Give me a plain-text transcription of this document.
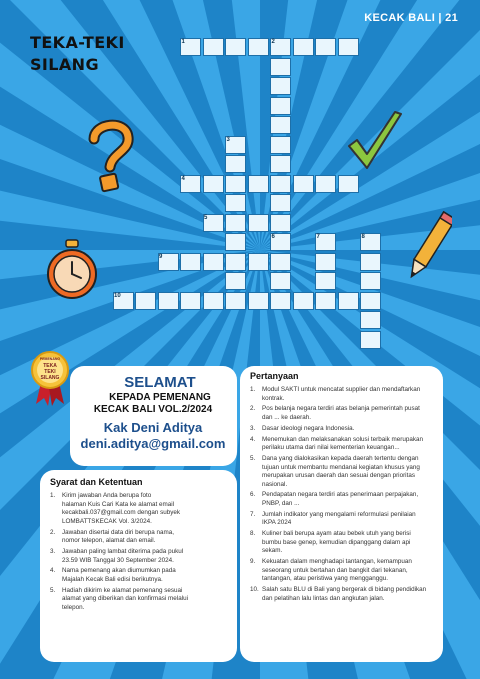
KECAK BALI | 21
TEKA-TEKI
SILANG
1	2
3
4
5
6	7	8
9
10
PEMENANG
TEKA TEKI SILANG	SELAMAT
KEPADA PEMENANG
KECAK BALI VOL.2/2024
Kak Deni Aditya
deni.aditya@gmail.com
Syarat dan Ketentuan
1. Kirim jawaban Anda berupa foto
halaman Kuis Cari Kata ke alamat email
kecakbali.037@gmail.com dengan subyek
LOMBATTSKECAK Vol. 3/2024.
2. Jawaban disertai data diri berupa nama,
nomor telepon, alamat dan email.
3. Jawaban paling lambat diterima pada pukul
23.59 WIB Tanggal 30 September 2024.
4. Nama pemenang akan diumumkan pada
Majalah Kecak Bali edisi berikutnya.
5. Hadiah dikirim ke alamat pemenang sesuai
alamat yang diberikan dan konfirmasi melalui
telepon.
Pertanyaan
1. Modul SAKTI untuk mencatat supplier dan mendaftarkan
kontrak.
2. Pos belanja negara terdiri atas belanja pemerintah pusat
dan ... ke daerah.
3. Dasar ideologi negara Indonesia.
4. Menemukan dan melaksanakan solusi terbaik merupakan
perilaku utama dari nilai kementerian keuangan...
5. Dana yang dialokasikan kepada daerah tertentu dengan
tujuan untuk membantu mendanai kegiatan khusus yang
merupakan urusan daerah dan sesuai dengan prioritas
nasional.
6. Pendapatan negara terdiri atas penerimaan perpajakan,
PNBP, dan ...
7. Jumlah indikator yang mengalami reformulasi penilaian
IKPA 2024
8. Kuliner bali berupa ayam atau bebek utuh yang berisi
bumbu base genep, kemudian dipanggang dalam api
sekam.
9. Kekuatan dalam menghadapi tantangan, kemampuan
seseorang untuk bertahan dan bangkit dari tekanan,
tantangan, atau peristiwa yang mengganggu.
10. Salah satu BLU di Bali yang bergerak di bidang pendidikan
dan pelatihan lalu lintas dan angkutan jalan.
